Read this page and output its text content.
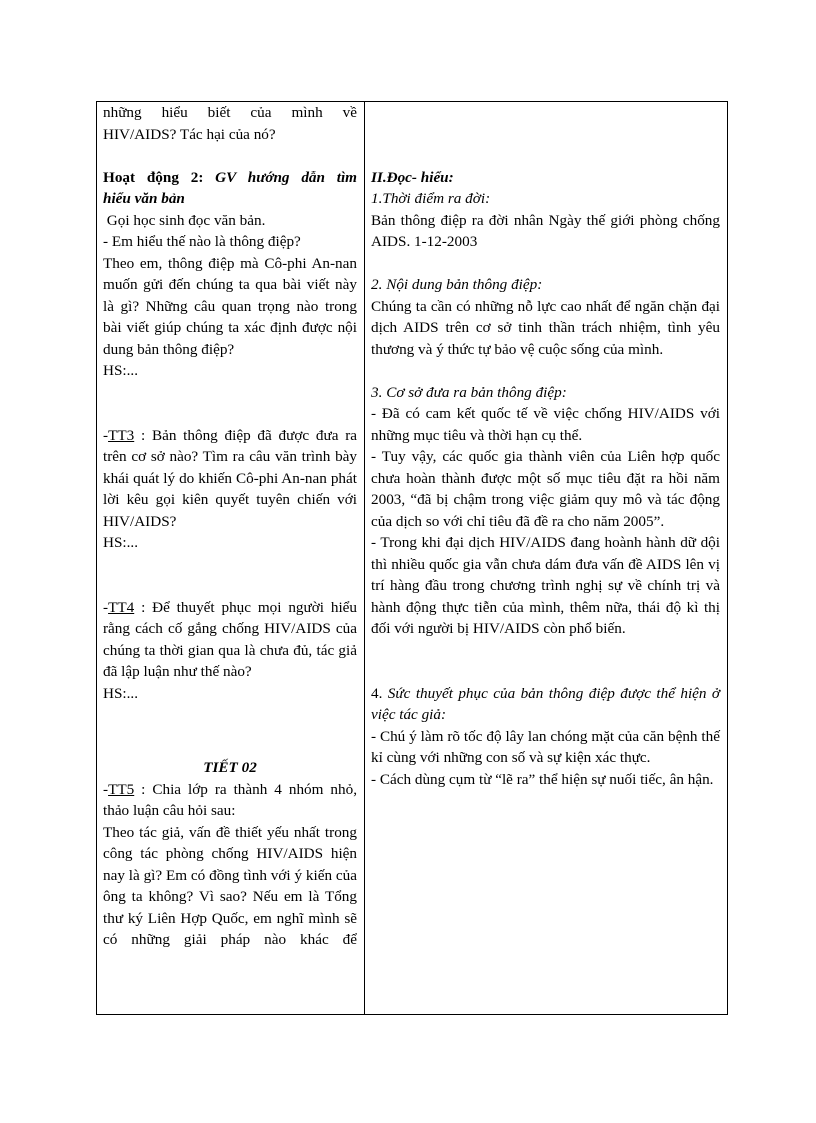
những hiểu biết của mình về

HIV/AIDS? Tác hại của nó?

Hoạt động 2: GV hướng dẫn tìm

hiểu văn bản

Gọi học sinh đọc văn bản.

- Em hiểu thế nào là thông điệp?

Theo em, thông điệp mà Cô-phi An-nan muốn gửi đến chúng ta qua bài viết này là gì? Những câu quan trọng nào trong bài viết giúp chúng ta xác định được nội dung bản thông điệp?

HS:...

-TT3 : Bản thông điệp đã được đưa ra trên cơ sở nào? Tìm ra câu văn trình bày khái quát lý do khiến Cô-phi An-nan phát lời kêu gọi kiên quyết tuyên chiến với HIV/AIDS?

HS:...

-TT4 : Để thuyết phục mọi người hiểu rằng cách cố gắng chống HIV/AIDS của chúng ta thời gian qua là chưa đủ, tác giả đã lập luận như thế nào?

HS:...

TIẾT 02

-TT5 : Chia lớp ra thành 4 nhóm nhỏ, thảo luận câu hỏi sau:

Theo tác giả, vấn đề thiết yếu nhất trong công tác phòng chống HIV/AIDS hiện nay là gì? Em có đồng tình với ý kiến của ông ta không? Vì sao? Nếu em là Tổng thư ký Liên Hợp Quốc, em nghĩ mình sẽ có những giải pháp nào khác để

II.Đọc- hiểu:

1.Thời điểm ra đời:

Bản thông điệp ra đời nhân Ngày thế giới phòng chống AIDS. 1-12-2003

2. Nội dung bản thông điệp:

Chúng ta cần có những nỗ lực cao nhất để ngăn chặn đại dịch AIDS trên cơ sở tinh thần trách nhiệm, tình yêu thương và ý thức tự bảo vệ cuộc sống của mình.

3. Cơ sở đưa ra bản thông điệp:

- Đã có cam kết quốc tế về việc chống HIV/AIDS với những mục tiêu và thời hạn cụ thể.

- Tuy vậy, các quốc gia thành viên của Liên hợp quốc chưa hoàn thành được một số mục tiêu đặt ra hồi năm 2003, “đã bị chậm trong việc giảm quy mô và tác động của dịch so với chỉ tiêu đã đề ra cho năm 2005”.

- Trong khi đại dịch HIV/AIDS đang hoành hành dữ dội thì nhiều quốc gia vẫn chưa dám đưa vấn đề AIDS lên vị trí hàng đầu trong chương trình nghị sự về chính trị và hành động thực tiễn của mình, thêm nữa, thái độ kì thị đối với người bị HIV/AIDS còn phổ biến.

4. Sức thuyết phục của bản thông điệp được thể hiện ở việc tác giả:

- Chú ý làm rõ tốc độ lây lan chóng mặt của căn bệnh thế kỉ cùng với những con số và sự kiện xác thực.

- Cách dùng cụm từ “lẽ ra” thể hiện sự nuối tiếc, ân hận.
